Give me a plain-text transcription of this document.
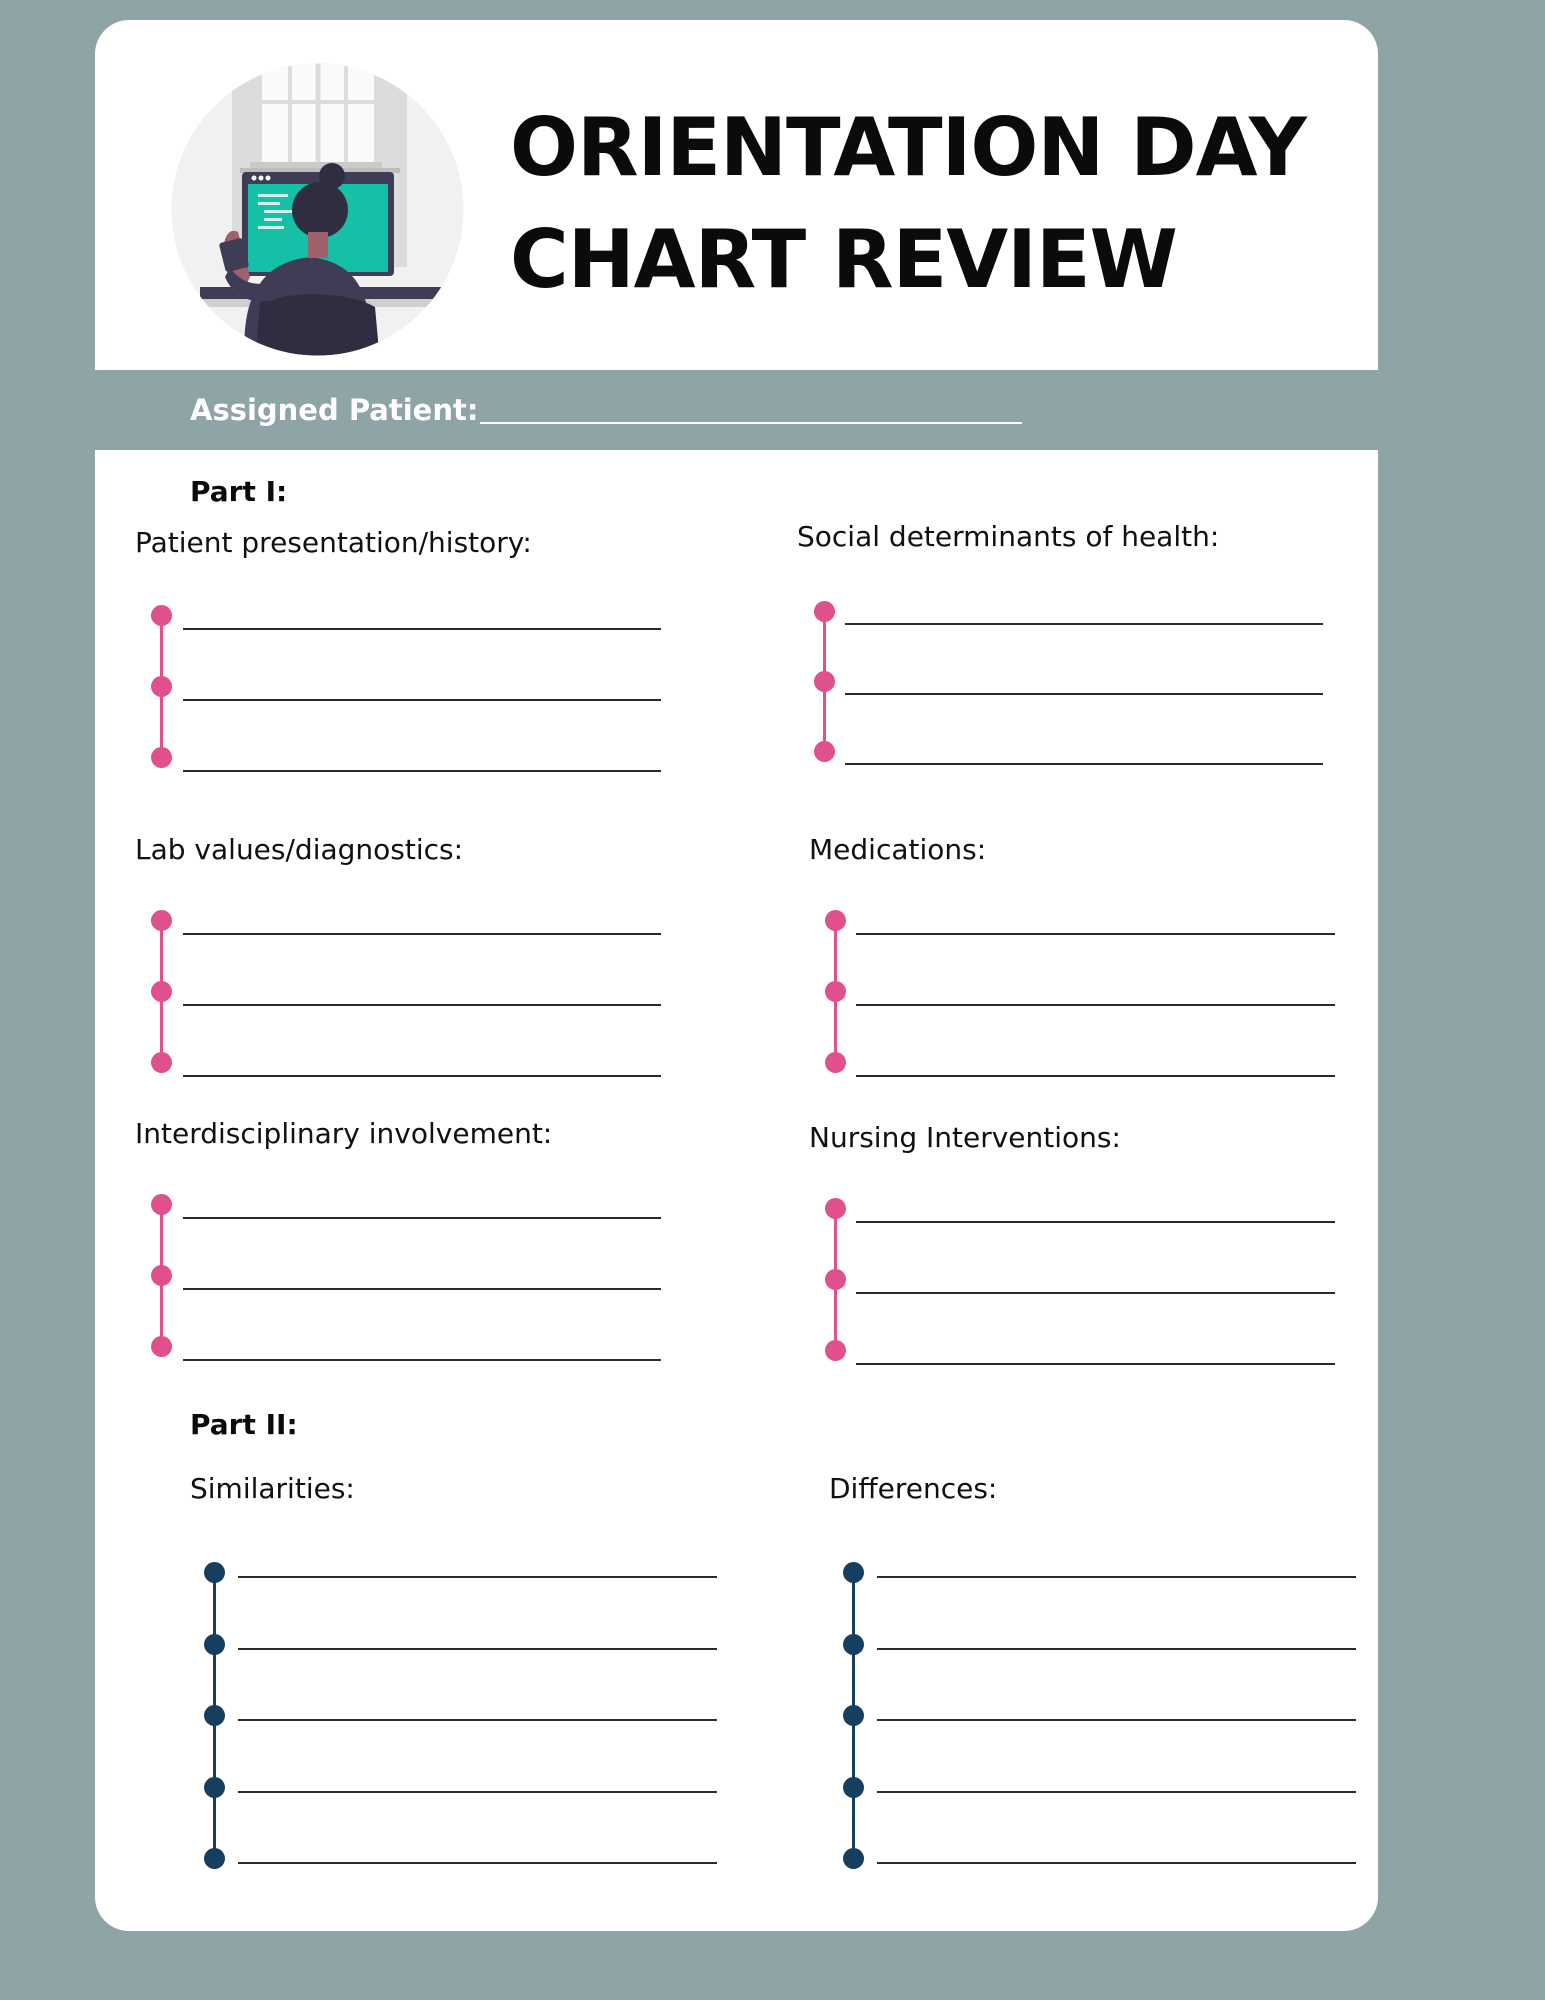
ORIENTATION DAY
CHART REVIEW
Assigned Patient:
Part I:
Patient presentation/history:	Social determinants of health:
Lab values/diagnostics:	Medications:
Interdisciplinary involvement:	Nursing Interventions:
Part II:
Similarities:	Differences:
